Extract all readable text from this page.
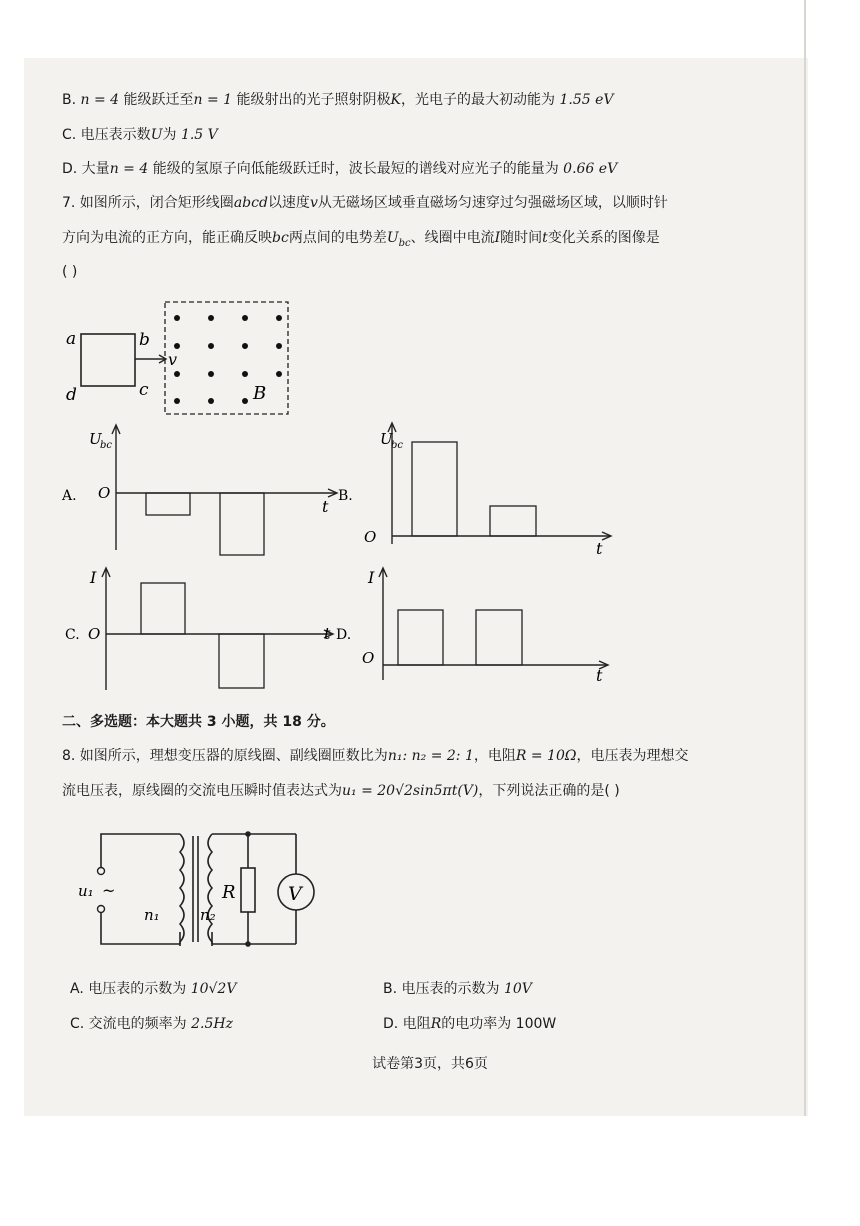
B. n = 4 能级跃迁至n = 1 能级射出的光子照射阴极K，光电子的最大初动能为 1.55 eV
C. 电压表示数U为 1.5 V
D. 大量n = 4 能级的氢原子向低能级跃迁时，波长最短的谱线对应光子的能量为 0.66 eV
7. 如图所示，闭合矩形线圈abcd以速度v从无磁场区域垂直磁场匀速穿过匀强磁场区域，以顺时针
方向为电流的正方向，能正确反映bc两点间的电势差$U_{bc}$、线圈中电流I随时间t变化关系的图像是
( )
a	b
c
d
v
B
A.
U
bc
O	B.
t
U
bc
O
t
C.
I
O	t D.
I
O
t
二、多选题：本大题共 3 小题，共 18 分。
8. 如图所示，理想变压器的原线圈、副线圈匝数比为n₁: n₂ = 2: 1，电阻R = 10Ω，电压表为理想交
流电压表，原线圈的交流电压瞬时值表达式为u₁ = 20√2sin5πt(V)，下列说法正确的是( )
u₁ ~
n₁	n₂
R	V
A. 电压表的示数为 10√2V	B. 电压表的示数为 10V
C. 交流电的频率为 2.5Hz	D. 电阻R的电功率为 100W
试卷第3页，共6页
